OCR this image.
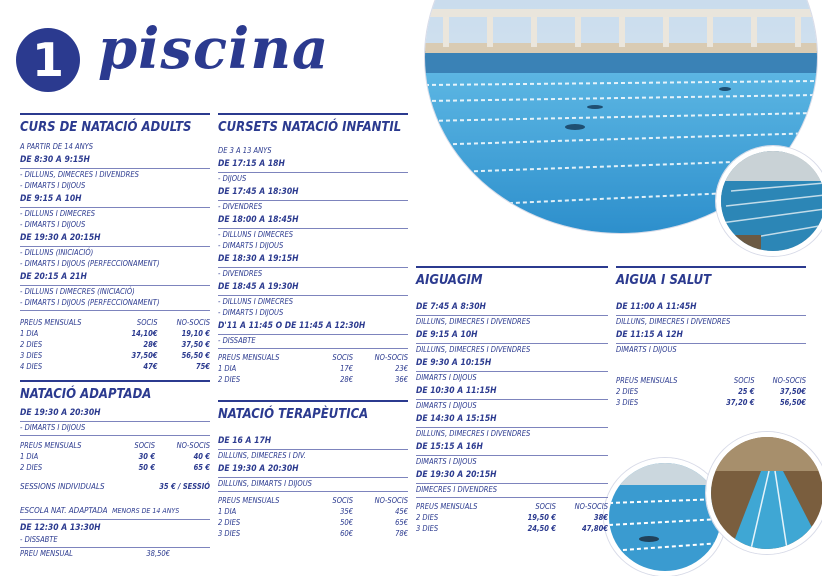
1 piscina
CURS DE NATACIÓ ADULTS
A PARTIR DE 14 ANYS
DE 8:30 A 9:15H
- DILLUNS, DIMECRES I DIVENDRES
- DIMARTS I DIJOUS
DE 9:15 A 10H
- DILLUNS I DIMECRES
- DIMARTS I DIJOUS
DE 19:30 A 20:15H
- DILLUNS (INICIACIÓ)
- DIMARTS I DIJOUS (PERFECCIONAMENT)
DE 20:15 A 21H
- DILLUNS I DIMECRES (INICIACIÓ)
- DIMARTS I DIJOUS (PERFECCIONAMENT)
PREUS MENSUALS	SOCIS	NO-SOCIS
1 DIA	14,10€	19,10 €
2 DIES	28€	37,50 €
3 DIES	37,50€	56,50 €
4 DIES	47€	75€
NATACIÓ ADAPTADA
DE 19:30 A 20:30H
- DIMARTS I DIJOUS
PREUS MENSUALS	SOCIS	NO-SOCIS
1 DIA	30 €	40 €
2 DIES	50 €	65 €
SESSIONS INDIVIDUALS	35 € / SESSIÓ
ESCOLA NAT. ADAPTADA MENORS DE 14 ANYS
DE 12:30 A 13:30H
- DISSABTE
PREU MENSUAL	38,50€
CURSETS NATACIÓ INFANTIL
DE 3 A 13 ANYS
DE 17:15 A 18H
- DIJOUS
DE 17:45 A 18:30H
- DIVENDRES
DE 18:00 A 18:45H
- DILLUNS I DIMECRES
- DIMARTS I DIJOUS
DE 18:30 A 19:15H
- DIVENDRES
DE 18:45 A 19:30H
- DILLUNS I DIMECRES
- DIMARTS I DIJOUS
D'11 A 11:45 O DE 11:45 A 12:30H
- DISSABTE
PREUS MENSUALS	SOCIS	NO-SOCIS
1 DIA	17€	23€
2 DIES	28€	36€
NATACIÓ TERAPÈUTICA
DE 16 A 17H
DILLUNS, DIMECRES I DIV.
DE 19:30 A 20:30H
DILLUNS, DIMARTS I DIJOUS
PREUS MENSUALS	SOCIS	NO-SOCIS
1 DIA	35€	45€
2 DIES	50€	65€
3 DIES	60€	78€
AIGUAGIM
DE 7:45 A 8:30H
DILLUNS, DIMECRES I DIVENDRES
DE 9:15 A 10H
DILLUNS, DIMECRES I DIVENDRES
DE 9:30 A 10:15H
DIMARTS I DIJOUS
DE 10:30 A 11:15H
DIMARTS I DIJOUS
DE 14:30 A 15:15H
DILLUNS, DIMECRES I DIVENDRES
DE 15:15 A 16H
DIMARTS I DIJOUS
DE 19:30 A 20:15H
DIMECRES I DIVENDRES
PREUS MENSUALS	SOCIS	NO-SOCIS
2 DIES	19,50 €	38€
3 DIES	24,50 €	47,80€
AIGUA I SALUT
DE 11:00 A 11:45H
DILLUNS, DIMECRES I DIVENDRES
DE 11:15 A 12H
DIMARTS I DIJOUS
PREUS MENSUALS	SOCIS	NO-SOCIS
2 DIES	25 €	37,50€
3 DIES	37,20 €	56,50€
